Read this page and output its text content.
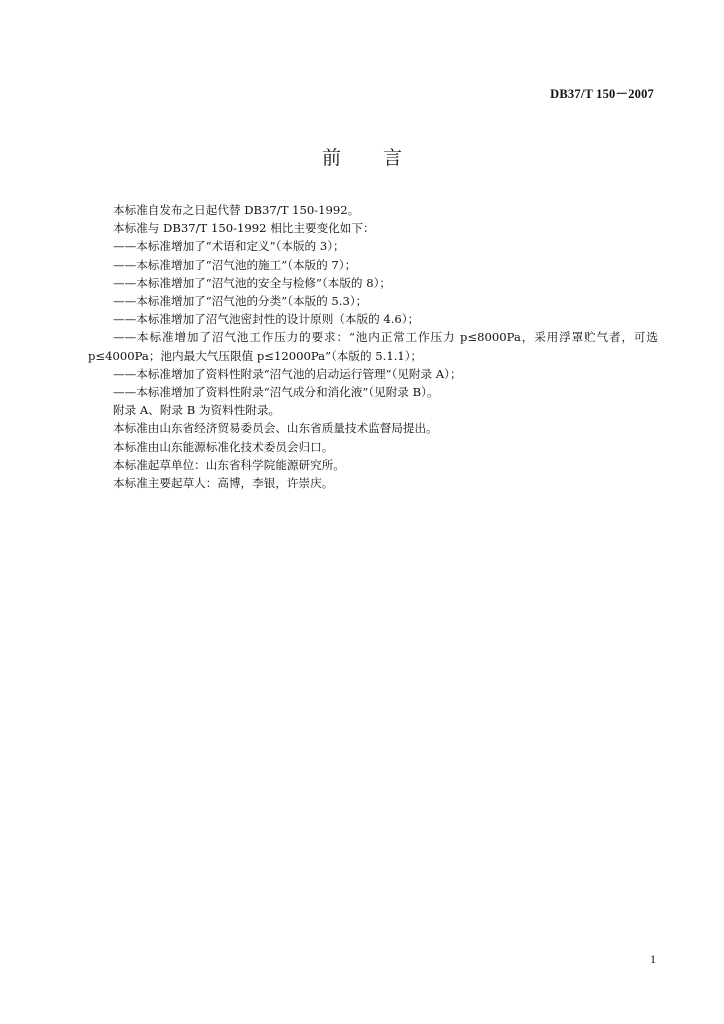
DB37/T 150－2007
前 言

本标准自发布之日起代替 DB37/T 150-1992。

本标准与 DB37/T 150-1992 相比主要变化如下：

——本标准增加了“术语和定义”（本版的 3）；

——本标准增加了“沼气池的施工”（本版的 7）；

——本标准增加了“沼气池的安全与检修”（本版的 8）；

——本标准增加了“沼气池的分类”（本版的 5.3）；

——本标准增加了沼气池密封性的设计原则（本版的 4.6）；

——本标准增加了沼气池工作压力的要求：“池内正常工作压力 p≤8000Pa，采用浮罩贮气者，可选p≤4000Pa；池内最大气压限值 p≤12000Pa”（本版的 5.1.1）；

——本标准增加了资料性附录“沼气池的启动运行管理”（见附录 A）；

——本标准增加了资料性附录“沼气成分和消化液”（见附录 B）。

附录 A、附录 B 为资料性附录。

本标准由山东省经济贸易委员会、山东省质量技术监督局提出。

本标准由山东能源标准化技术委员会归口。

本标准起草单位：山东省科学院能源研究所。

本标准主要起草人：高博，李银，许崇庆。

1
